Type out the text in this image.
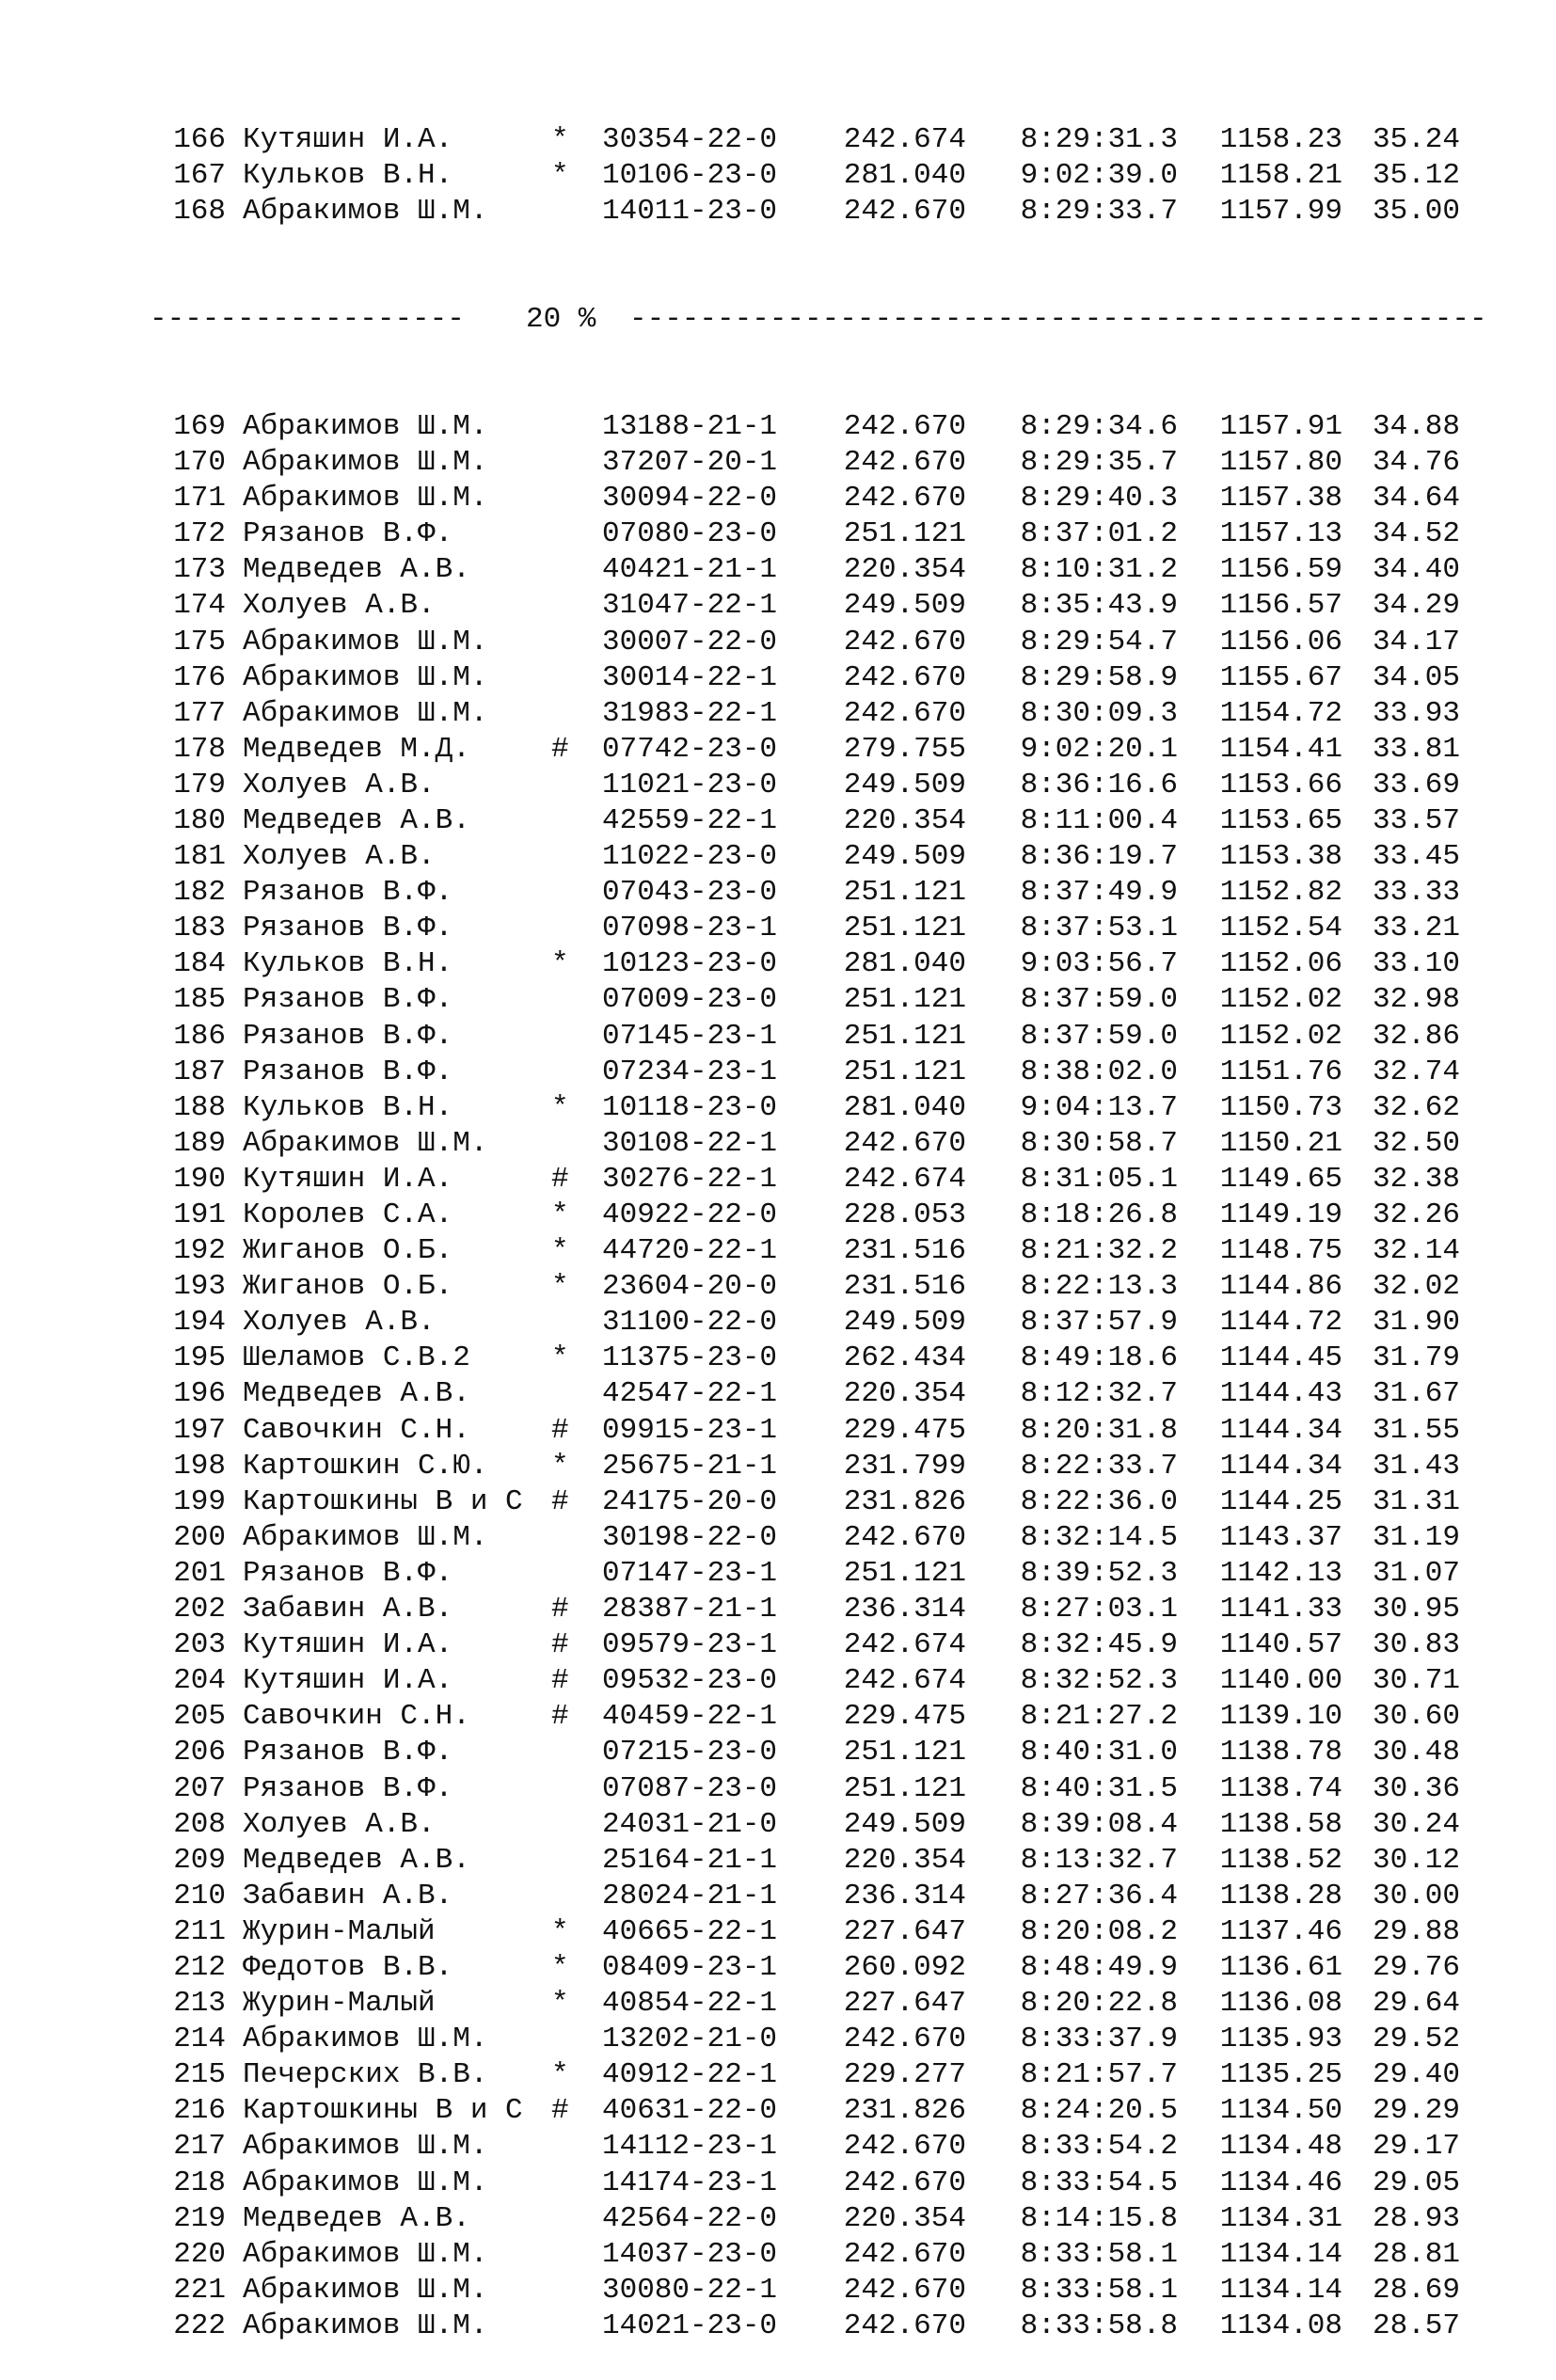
166 Кутяшин И.А.	* 30354-22-0 242.674 8:29:31.3 1158.23 35.24
167 Кульков В.Н.	* 10106-23-0 281.040 9:02:39.0 1158.21 35.12
168 Абракимов Ш.М.	14011-23-0 242.670 8:29:33.7 1157.99 35.00

------------------

20 %

-------------------------------------------------

169 Абракимов Ш.М.	13188-21-1 242.670 8:29:34.6 1157.91 34.88
170 Абракимов Ш.М.	37207-20-1 242.670 8:29:35.7 1157.80 34.76
171 Абракимов Ш.М.	30094-22-0 242.670 8:29:40.3 1157.38 34.64
172 Рязанов В.Ф.	07080-23-0 251.121 8:37:01.2 1157.13 34.52
173 Медведев А.В.	40421-21-1 220.354 8:10:31.2 1156.59 34.40
174 Холуев А.В.	31047-22-1 249.509 8:35:43.9 1156.57 34.29
175 Абракимов Ш.М.	30007-22-0 242.670 8:29:54.7 1156.06 34.17
176 Абракимов Ш.М.	30014-22-1 242.670 8:29:58.9 1155.67 34.05
177 Абракимов Ш.М.	31983-22-1 242.670 8:30:09.3 1154.72 33.93
178 Медведев М.Д.	# 07742-23-0 279.755 9:02:20.1 1154.41 33.81
179 Холуев А.В.	11021-23-0 249.509 8:36:16.6 1153.66 33.69
180 Медведев А.В.	42559-22-1 220.354 8:11:00.4 1153.65 33.57
181 Холуев А.В.	11022-23-0 249.509 8:36:19.7 1153.38 33.45
182 Рязанов В.Ф.	07043-23-0 251.121 8:37:49.9 1152.82 33.33
183 Рязанов В.Ф.	07098-23-1 251.121 8:37:53.1 1152.54 33.21
184 Кульков В.Н.	* 10123-23-0 281.040 9:03:56.7 1152.06 33.10
185 Рязанов В.Ф.	07009-23-0 251.121 8:37:59.0 1152.02 32.98
186 Рязанов В.Ф.	07145-23-1 251.121 8:37:59.0 1152.02 32.86
187 Рязанов В.Ф.	07234-23-1 251.121 8:38:02.0 1151.76 32.74
188 Кульков В.Н.	* 10118-23-0 281.040 9:04:13.7 1150.73 32.62
189 Абракимов Ш.М.	30108-22-1 242.670 8:30:58.7 1150.21 32.50
190 Кутяшин И.А.	# 30276-22-1 242.674 8:31:05.1 1149.65 32.38
191 Королев С.А.	* 40922-22-0 228.053 8:18:26.8 1149.19 32.26
192 Жиганов О.Б.	* 44720-22-1 231.516 8:21:32.2 1148.75 32.14
193 Жиганов О.Б.	* 23604-20-0 231.516 8:22:13.3 1144.86 32.02
194 Холуев А.В.	31100-22-0 249.509 8:37:57.9 1144.72 31.90
195 Шеламов С.В.2	* 11375-23-0 262.434 8:49:18.6 1144.45 31.79
196 Медведев А.В.	42547-22-1 220.354 8:12:32.7 1144.43 31.67
197 Савочкин С.Н.	# 09915-23-1 229.475 8:20:31.8 1144.34 31.55
198 Картошкин С.Ю. * 25675-21-1 231.799 8:22:33.7 1144.34 31.43
199 Картошкины В и С # 24175-20-0 231.826 8:22:36.0 1144.25 31.31
200 Абракимов Ш.М.	30198-22-0 242.670 8:32:14.5 1143.37 31.19
201 Рязанов В.Ф.	07147-23-1 251.121 8:39:52.3 1142.13 31.07
202 Забавин А.В.	# 28387-21-1 236.314 8:27:03.1 1141.33 30.95
203 Кутяшин И.А.	# 09579-23-1 242.674 8:32:45.9 1140.57 30.83
204 Кутяшин И.А.	# 09532-23-0 242.674 8:32:52.3 1140.00 30.71
205 Савочкин С.Н.	# 40459-22-1 229.475 8:21:27.2 1139.10 30.60
206 Рязанов В.Ф.	07215-23-0 251.121 8:40:31.0 1138.78 30.48
207 Рязанов В.Ф.	07087-23-0 251.121 8:40:31.5 1138.74 30.36
208 Холуев А.В.	24031-21-0 249.509 8:39:08.4 1138.58 30.24
209 Медведев А.В.	25164-21-1 220.354 8:13:32.7 1138.52 30.12
210 Забавин А.В.	28024-21-1 236.314 8:27:36.4 1138.28 30.00
211 Журин-Малый	* 40665-22-1 227.647 8:20:08.2 1137.46 29.88
212 Федотов В.В.	* 08409-23-1 260.092 8:48:49.9 1136.61 29.76
213 Журин-Малый	* 40854-22-1 227.647 8:20:22.8 1136.08 29.64
214 Абракимов Ш.М.	13202-21-0 242.670 8:33:37.9 1135.93 29.52
215 Печерских В.В. * 40912-22-1 229.277 8:21:57.7 1135.25 29.40
216 Картошкины В и С # 40631-22-0 231.826 8:24:20.5 1134.50 29.29
217 Абракимов Ш.М.	14112-23-1 242.670 8:33:54.2 1134.48 29.17
218 Абракимов Ш.М.	14174-23-1 242.670 8:33:54.5 1134.46 29.05
219 Медведев А.В.	42564-22-0 220.354 8:14:15.8 1134.31 28.93
220 Абракимов Ш.М.	14037-23-0 242.670 8:33:58.1 1134.14 28.81
221 Абракимов Ш.М.	30080-22-1 242.670 8:33:58.1 1134.14 28.69
222 Абракимов Ш.М.	14021-23-0 242.670 8:33:58.8 1134.08 28.57
